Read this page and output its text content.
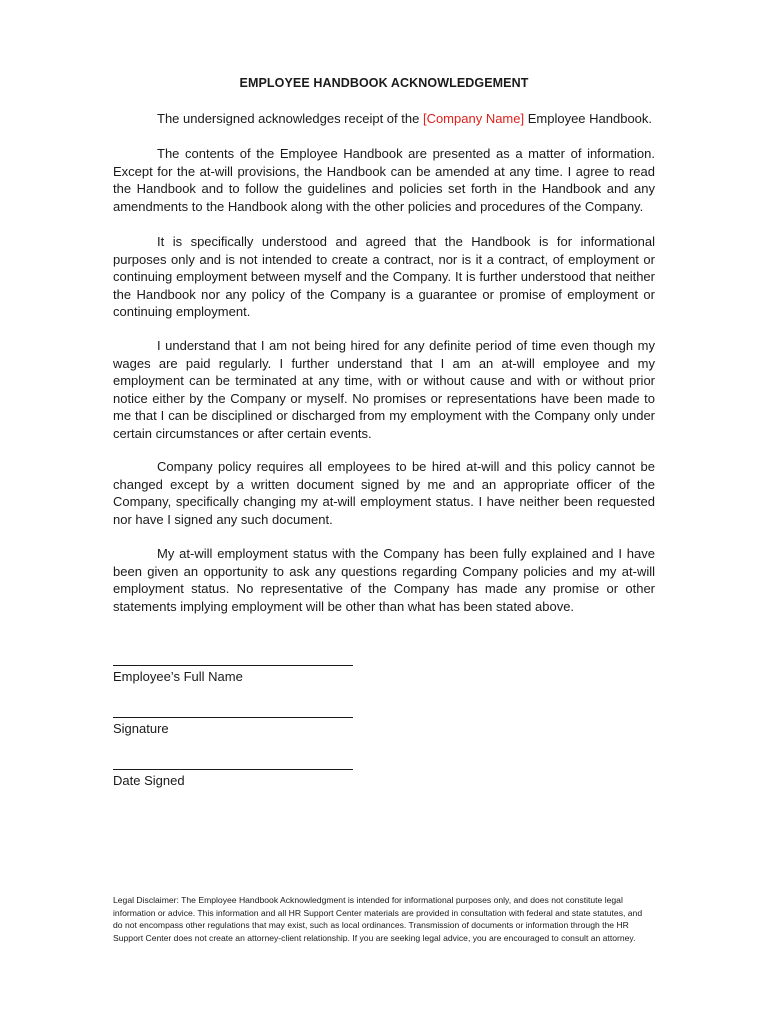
EMPLOYEE HANDBOOK ACKNOWLEDGEMENT
The undersigned acknowledges receipt of the [Company Name] Employee Handbook.

The contents of the Employee Handbook are presented as a matter of information. Except for the at-will provisions, the Handbook can be amended at any time. I agree to read the Handbook and to follow the guidelines and policies set forth in the Handbook and any amendments to the Handbook along with the other policies and procedures of the Company.

It is specifically understood and agreed that the Handbook is for informational purposes only and is not intended to create a contract, nor is it a contract, of employment or continuing employment between myself and the Company. It is further understood that neither the Handbook nor any policy of the Company is a guarantee or promise of employment or continuing employment.

I understand that I am not being hired for any definite period of time even though my wages are paid regularly. I further understand that I am an at-will employee and my employment can be terminated at any time, with or without cause and with or without prior notice either by the Company or myself. No promises or representations have been made to me that I can be disciplined or discharged from my employment with the Company only under certain circumstances or after certain events.

Company policy requires all employees to be hired at-will and this policy cannot be changed except by a written document signed by me and an appropriate officer of the Company, specifically changing my at-will employment status. I have neither been requested nor have I signed any such document.

My at-will employment status with the Company has been fully explained and I have been given an opportunity to ask any questions regarding Company policies and my at-will employment status. No representative of the Company has made any promise or other statements implying employment will be other than what has been stated above.

Employee’s Full Name
Signature
Date Signed

Legal Disclaimer: The Employee Handbook Acknowledgment is intended for informational purposes only, and does not constitute legal information or advice. This information and all HR Support Center materials are provided in consultation with federal and state statutes, and do not encompass other regulations that may exist, such as local ordinances. Transmission of documents or information through the HR Support Center does not create an attorney-client relationship. If you are seeking legal advice, you are encouraged to consult an attorney.
